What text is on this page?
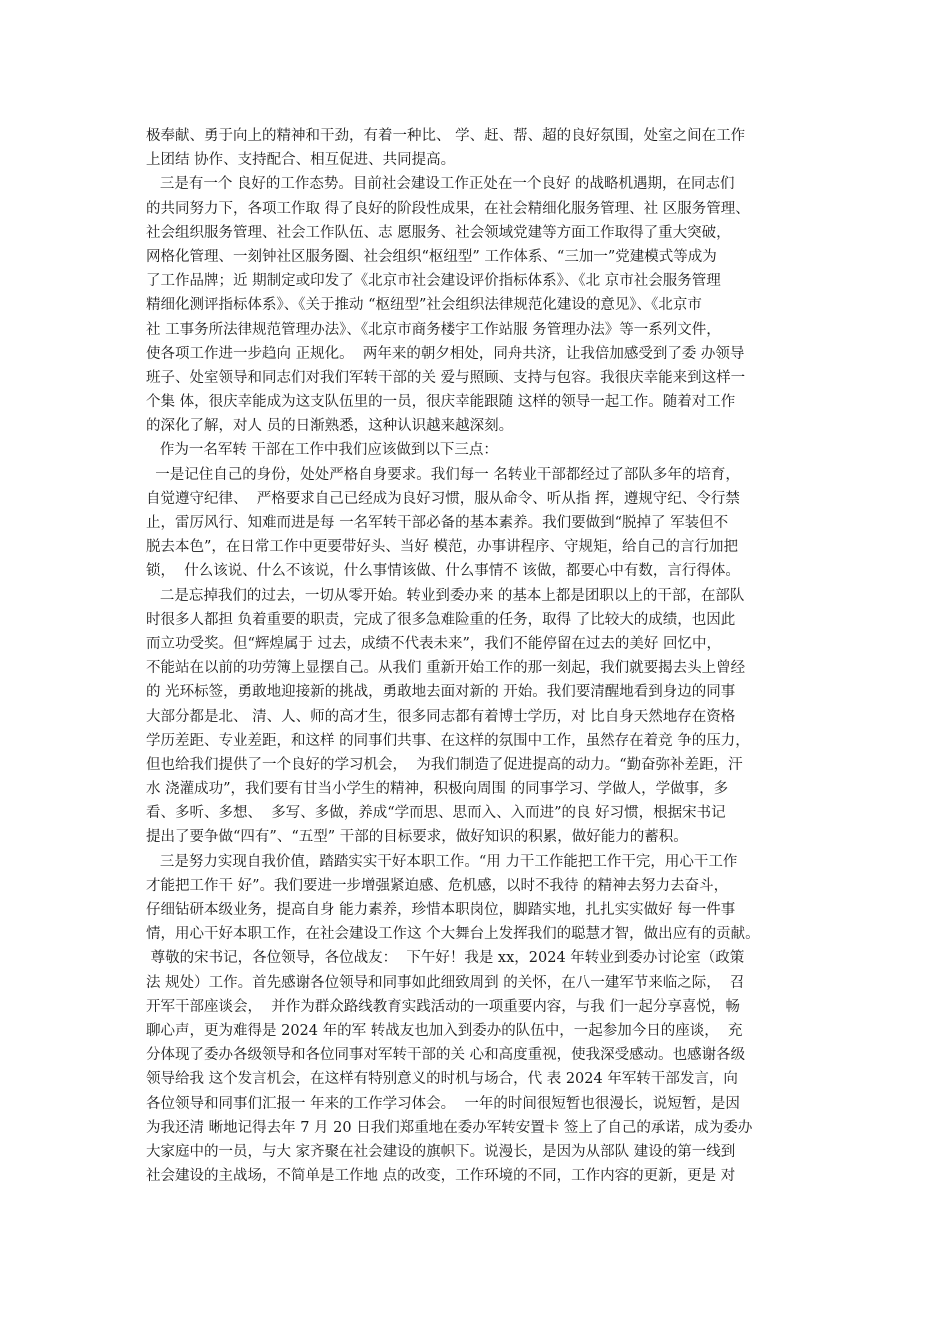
极奉献、勇于向上的精神和干劲，有着一种比、 学、赶、帮、超的良好氛围，处室之间在工作
上团结 协作、支持配合、相互促进、共同提高。
三是有一个 良好的工作态势。目前社会建设工作正处在一个良好 的战略机遇期，在同志们
的共同努力下，各项工作取 得了良好的阶段性成果，在社会精细化服务管理、社 区服务管理、
社会组织服务管理、社会工作队伍、志 愿服务、社会领域党建等方面工作取得了重大突破，
网格化管理、一刻钟社区服务圈、社会组织“枢纽型” 工作体系、“三加一”党建模式等成为
了工作品牌；近 期制定或印发了《北京市社会建设评价指标体系》、《北 京市社会服务管理
精细化测评指标体系》、《关于推动 “枢纽型”社会组织法律规范化建设的意见》、《北京市
社 工事务所法律规范管理办法》、《北京市商务楼宇工作站服 务管理办法》等一系列文件，
使各项工作进一步趋向 正规化。  两年来的朝夕相处，同舟共济，让我倍加感受到了委 办领导
班子、处室领导和同志们对我们军转干部的关 爱与照顾、支持与包容。我很庆幸能来到这样一
个集 体，很庆幸能成为这支队伍里的一员，很庆幸能跟随 这样的领导一起工作。随着对工作
的深化了解，对人 员的日渐熟悉，这种认识越来越深刻。
作为一名军转 干部在工作中我们应该做到以下三点：
一是记住自己的身份，处处严格自身要求。我们每一 名转业干部都经过了部队多年的培育，
自觉遵守纪律、  严格要求自己已经成为良好习惯，服从命令、听从指 挥，遵规守纪、令行禁
止，雷厉风行、知难而进是每 一名军转干部必备的基本素养。我们要做到“脱掉了 军装但不
脱去本色”，在日常工作中更要带好头、当好 模范，办事讲程序、守规矩，给自己的言行加把
锁，  什么该说、什么不该说，什么事情该做、什么事情不 该做，都要心中有数，言行得体。
二是忘掉我们的过去，一切从零开始。转业到委办来 的基本上都是团职以上的干部，在部队
时很多人都担 负着重要的职责，完成了很多急难险重的任务，取得 了比较大的成绩，也因此
而立功受奖。但“辉煌属于 过去，成绩不代表未来”，我们不能停留在过去的美好 回忆中，
不能站在以前的功劳簿上显摆自己。从我们 重新开始工作的那一刻起，我们就要揭去头上曾经
的 光环标签，勇敢地迎接新的挑战，勇敢地去面对新的 开始。我们要清醒地看到身边的同事
大部分都是北、 清、人、师的高才生，很多同志都有着博士学历，对 比自身天然地存在资格
学历差距、专业差距，和这样 的同事们共事、在这样的氛围中工作，虽然存在着竞 争的压力，
但也给我们提供了一个良好的学习机会，  为我们制造了促进提高的动力。“勤奋弥补差距，汗
水 浇灌成功”，我们要有甘当小学生的精神，积极向周围 的同事学习、学做人，学做事，多
看、多听、多想、  多写、多做，养成“学而思、思而入、入而进”的良 好习惯，根据宋书记
提出了要争做“四有”、“五型” 干部的目标要求，做好知识的积累，做好能力的蓄积。
三是努力实现自我价值，踏踏实实干好本职工作。“用 力干工作能把工作干完，用心干工作
才能把工作干 好”。我们要进一步增强紧迫感、危机感，以时不我待 的精神去努力去奋斗，
仔细钻研本级业务，提高自身 能力素养，珍惜本职岗位，脚踏实地，扎扎实实做好 每一件事
情，用心干好本职工作，在社会建设工作这 个大舞台上发挥我们的聪慧才智，做出应有的贡献。
尊敬的宋书记，各位领导，各位战友：  下午好！我是 xx，2024 年转业到委办讨论室（政策
法 规处）工作。首先感谢各位领导和同事如此细致周到 的关怀，在八一建军节来临之际，  召
开军干部座谈会，  并作为群众路线教育实践活动的一项重要内容，与我 们一起分享喜悦，畅
聊心声，更为难得是 2024 年的军 转战友也加入到委办的队伍中，一起参加今日的座谈，  充
分体现了委办各级领导和各位同事对军转干部的关 心和高度重视，使我深受感动。也感谢各级
领导给我 这个发言机会，在这样有特别意义的时机与场合，代 表 2024 年军转干部发言，向
各位领导和同事们汇报一 年来的工作学习体会。  一年的时间很短暂也很漫长，说短暂，是因
为我还清 晰地记得去年 7 月 20 日我们郑重地在委办军转安置卡 签上了自己的承诺，成为委办
大家庭中的一员，与大 家齐聚在社会建设的旗帜下。说漫长，是因为从部队 建设的第一线到
社会建设的主战场，不简单是工作地 点的改变，工作环境的不同，工作内容的更新，更是 对
